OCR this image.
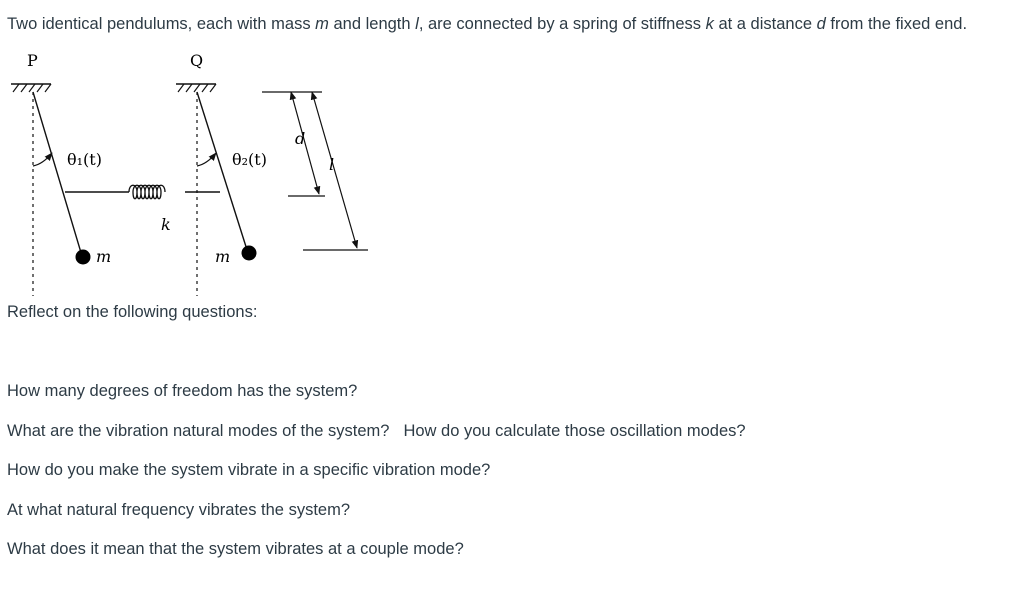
Two identical pendulums, each with mass m and length l, are connected by a spring of stiffness k at a distance d from the fixed end.

P	Q
θ₁(t)	θ₂(t)
k
m	m
d
l

Reflect on the following questions:

How many degrees of freedom has the system?
What are the vibration natural modes of the system? How do you calculate those oscillation modes?
How do you make the system vibrate in a specific vibration mode?
At what natural frequency vibrates the system?
What does it mean that the system vibrates at a couple mode?
